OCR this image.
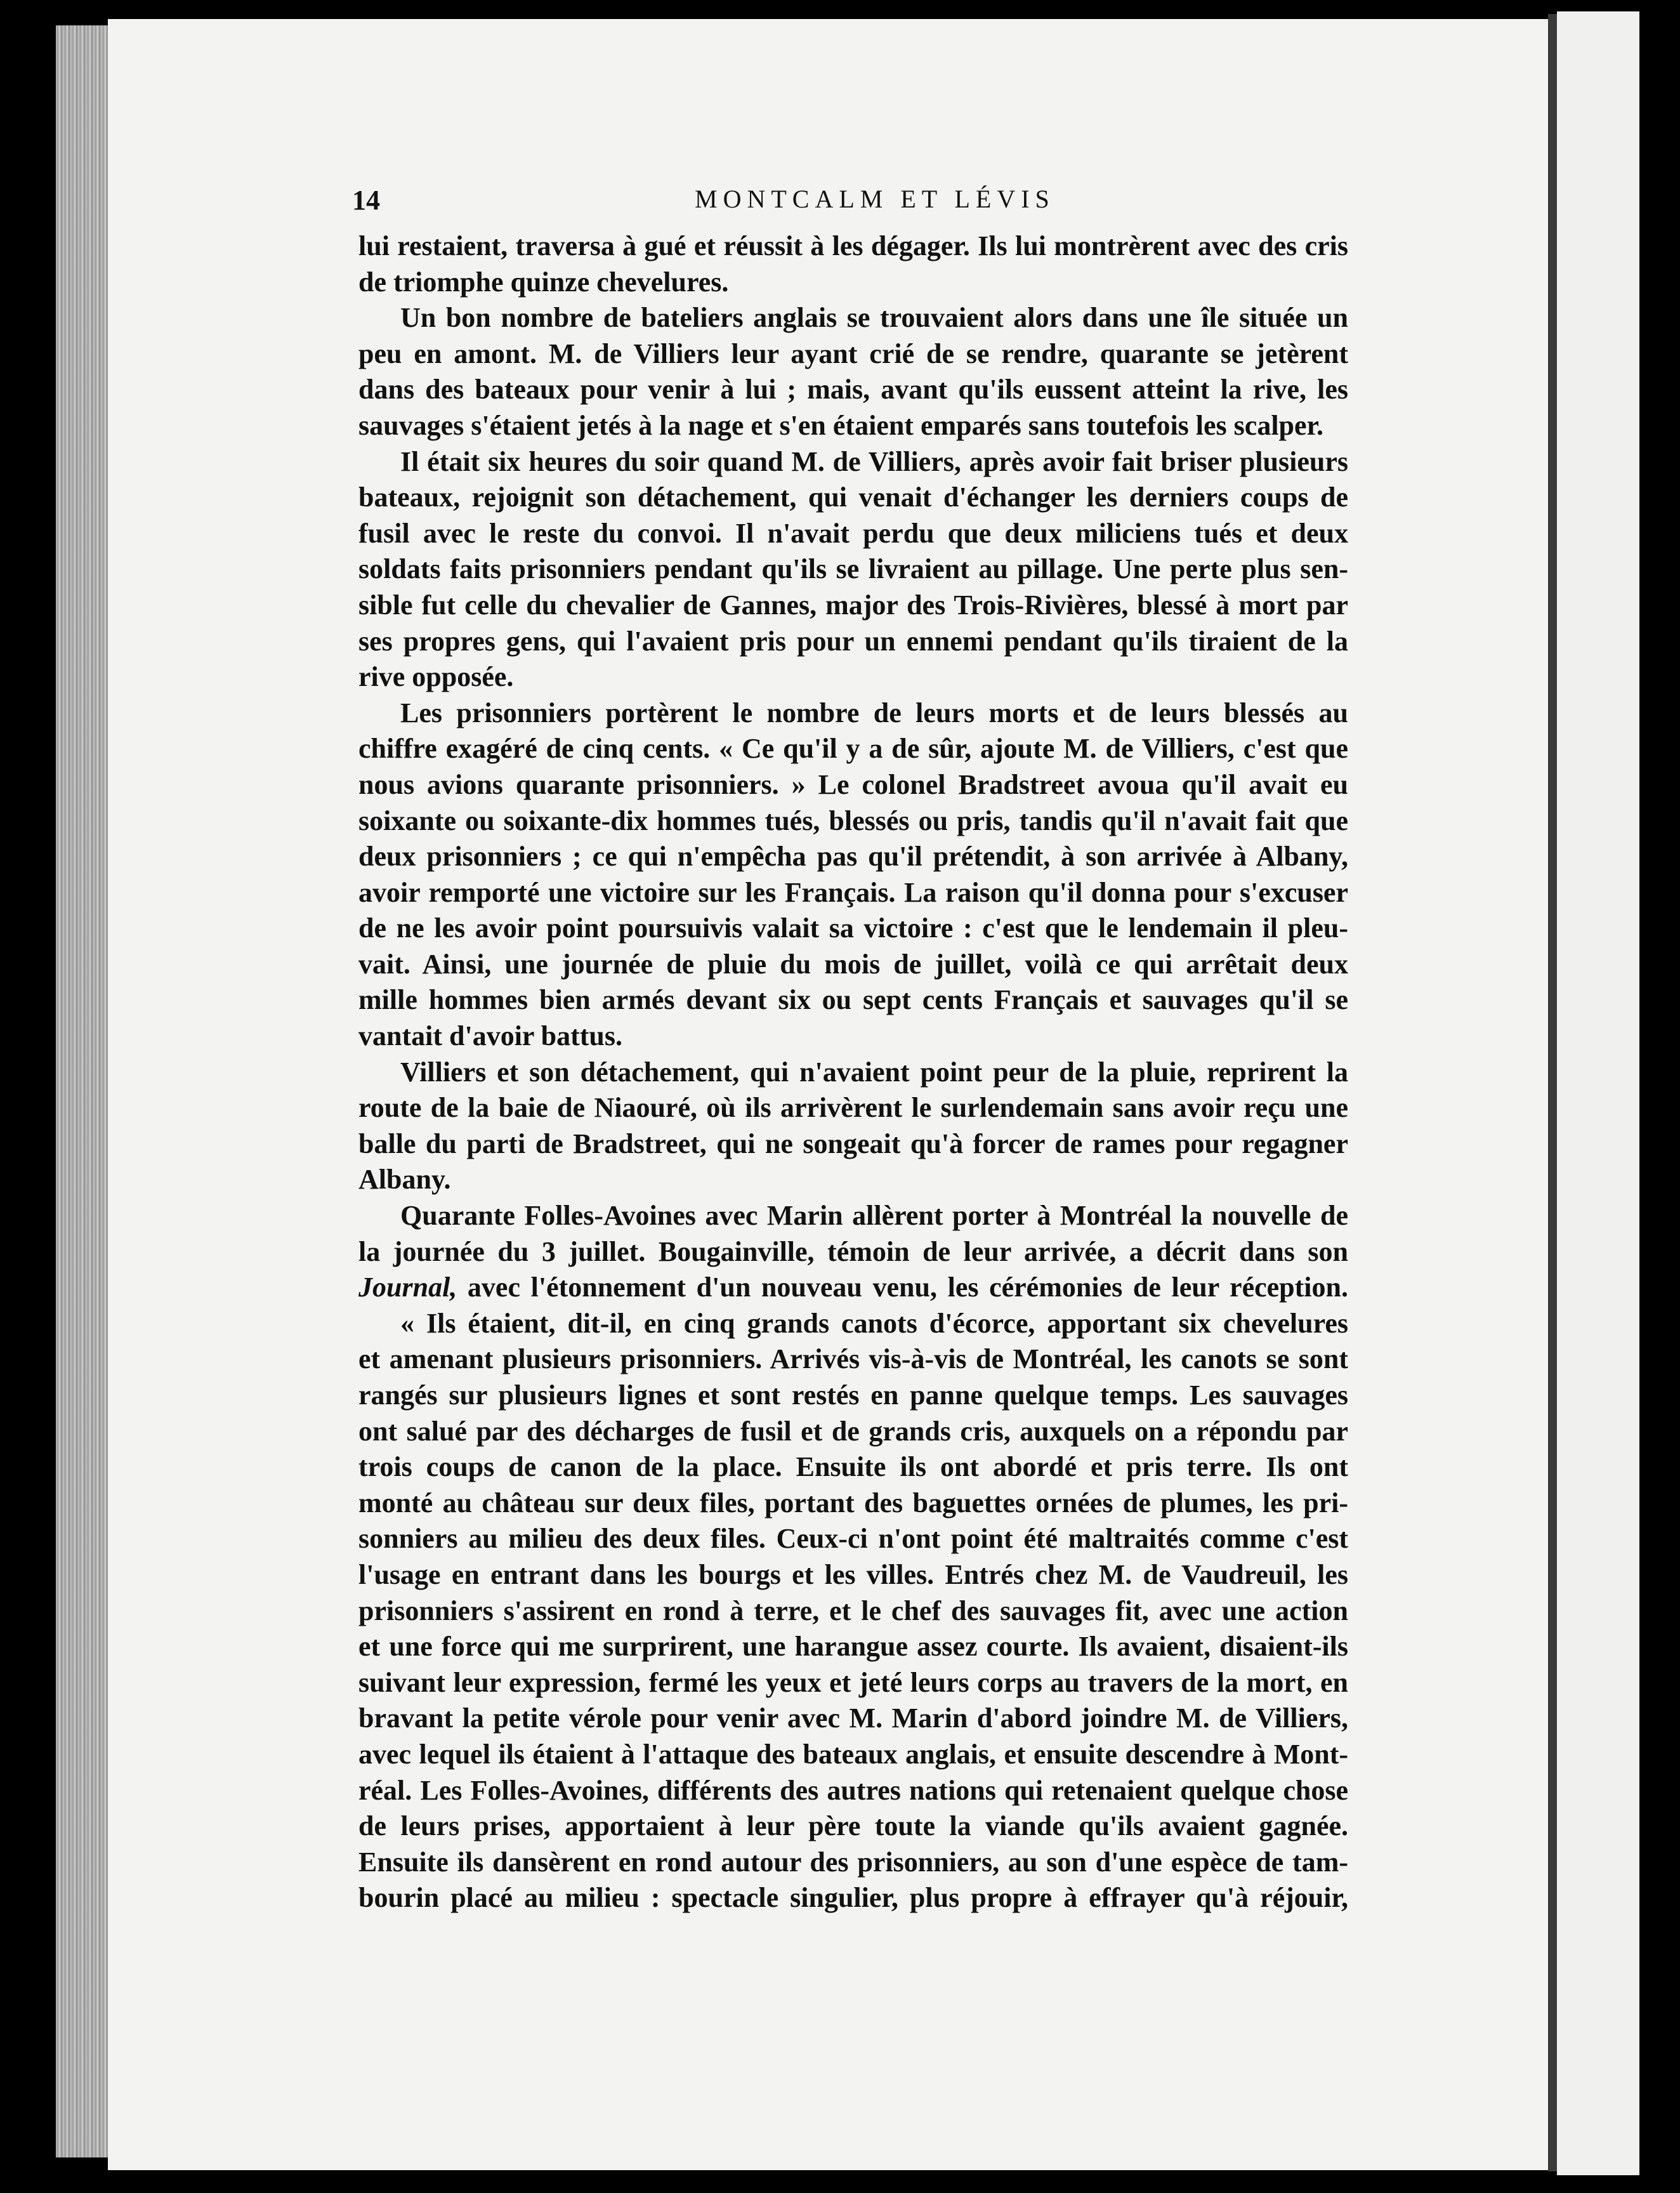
14	MONTCALM ET LÉVIS
lui restaient, traversa à gué et réussit à les dégager. Ils lui montrèrent avec des cris
de triomphe quinze chevelures.
Un bon nombre de bateliers anglais se trouvaient alors dans une île située un
peu en amont. M. de Villiers leur ayant crié de se rendre, quarante se jetèrent
dans des bateaux pour venir à lui ; mais, avant qu'ils eussent atteint la rive, les
sauvages s'étaient jetés à la nage et s'en étaient emparés sans toutefois les scalper.
Il était six heures du soir quand M. de Villiers, après avoir fait briser plusieurs
bateaux, rejoignit son détachement, qui venait d'échanger les derniers coups de
fusil avec le reste du convoi. Il n'avait perdu que deux miliciens tués et deux
soldats faits prisonniers pendant qu'ils se livraient au pillage. Une perte plus sen-
sible fut celle du chevalier de Gannes, major des Trois-Rivières, blessé à mort par
ses propres gens, qui l'avaient pris pour un ennemi pendant qu'ils tiraient de la
rive opposée.
Les prisonniers portèrent le nombre de leurs morts et de leurs blessés au
chiffre exagéré de cinq cents. « Ce qu'il y a de sûr, ajoute M. de Villiers, c'est que
nous avions quarante prisonniers. » Le colonel Bradstreet avoua qu'il avait eu
soixante ou soixante-dix hommes tués, blessés ou pris, tandis qu'il n'avait fait que
deux prisonniers ; ce qui n'empêcha pas qu'il prétendit, à son arrivée à Albany,
avoir remporté une victoire sur les Français. La raison qu'il donna pour s'excuser
de ne les avoir point poursuivis valait sa victoire : c'est que le lendemain il pleu-
vait. Ainsi, une journée de pluie du mois de juillet, voilà ce qui arrêtait deux
mille hommes bien armés devant six ou sept cents Français et sauvages qu'il se
vantait d'avoir battus.
Villiers et son détachement, qui n'avaient point peur de la pluie, reprirent la
route de la baie de Niaouré, où ils arrivèrent le surlendemain sans avoir reçu une
balle du parti de Bradstreet, qui ne songeait qu'à forcer de rames pour regagner
Albany.
Quarante Folles-Avoines avec Marin allèrent porter à Montréal la nouvelle de
la journée du 3 juillet. Bougainville, témoin de leur arrivée, a décrit dans son
Journal, avec l'étonnement d'un nouveau venu, les cérémonies de leur réception.
« Ils étaient, dit-il, en cinq grands canots d'écorce, apportant six chevelures
et amenant plusieurs prisonniers. Arrivés vis-à-vis de Montréal, les canots se sont
rangés sur plusieurs lignes et sont restés en panne quelque temps. Les sauvages
ont salué par des décharges de fusil et de grands cris, auxquels on a répondu par
trois coups de canon de la place. Ensuite ils ont abordé et pris terre. Ils ont
monté au château sur deux files, portant des baguettes ornées de plumes, les pri-
sonniers au milieu des deux files. Ceux-ci n'ont point été maltraités comme c'est
l'usage en entrant dans les bourgs et les villes. Entrés chez M. de Vaudreuil, les
prisonniers s'assirent en rond à terre, et le chef des sauvages fit, avec une action
et une force qui me surprirent, une harangue assez courte. Ils avaient, disaient-ils
suivant leur expression, fermé les yeux et jeté leurs corps au travers de la mort, en
bravant la petite vérole pour venir avec M. Marin d'abord joindre M. de Villiers,
avec lequel ils étaient à l'attaque des bateaux anglais, et ensuite descendre à Mont-
réal. Les Folles-Avoines, différents des autres nations qui retenaient quelque chose
de leurs prises, apportaient à leur père toute la viande qu'ils avaient gagnée.
Ensuite ils dansèrent en rond autour des prisonniers, au son d'une espèce de tam-
bourin placé au milieu : spectacle singulier, plus propre à effrayer qu'à réjouir,
